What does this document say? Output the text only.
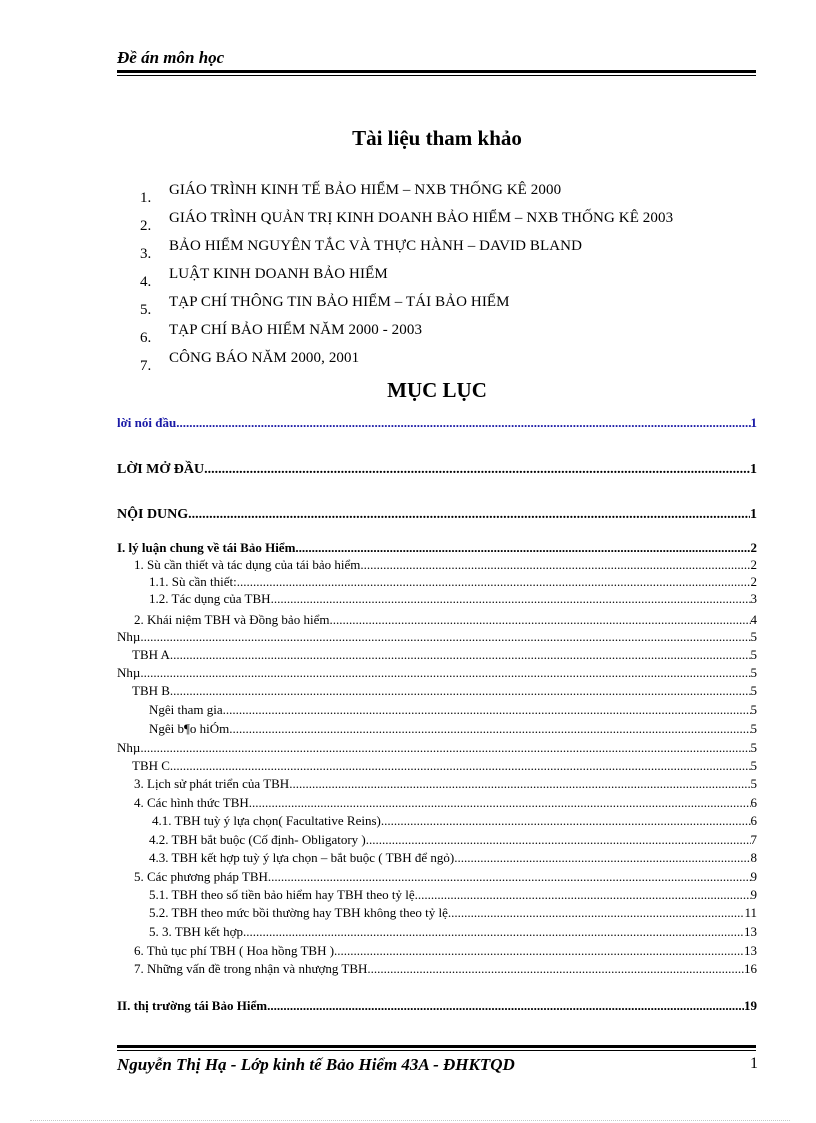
Đề án môn học
Tài liệu tham khảo
1.	GIÁO TRÌNH KINH TẾ BẢO HIỂM – NXB THỐNG KÊ 2000
2.	GIÁO TRÌNH QUẢN TRỊ KINH DOANH BẢO HIỂM – NXB THỐNG KÊ 2003
3.	BẢO HIỂM NGUYÊN TẮC VÀ THỰC HÀNH – DAVID BLAND
4.	LUẬT KINH DOANH BẢO HIỂM
5.	TẠP CHÍ THÔNG TIN BẢO HIỂM – TÁI BẢO HIỂM
6.	TẠP CHÍ BẢO HIỂM NĂM 2000 - 2003
7.	CÔNG BÁO NĂM 2000, 2001
MỤC LỤC
lời nói đầu .....	1
LỜI MỞ ĐẦU .....	1
NỘI DUNG .....	1
I. lý luận chung về tái Bảo Hiểm. .....	2
1. Sù cần thiết và tác dụng của tái bảo hiểm. .....	2
1.1. Sù cần thiết: .....	2
1.2. Tác dụng của TBH .....	3
2. Khái niệm TBH và Đồng bảo hiểm. .....	4
Nhµ .....	5
TBH A .....	5
Nhµ .....	5
TBH B .....	5
Ngêi tham gia .....	5
Ngêi b¶o hiÓm .....	5
Nhµ .....	5
TBH C .....	5
3. Lịch sử phát triển của TBH. .....	5
4. Các hình thức TBH .....	6
4.1. TBH tuỳ ý lựa chọn( Facultative Reins) .....	6
4.2. TBH bắt buộc (Cố định- Obligatory ) .....	7
4.3. TBH kết hợp tuỳ ý lựa chọn – bắt buộc ( TBH để ngỏ) .....	8
5. Các phương pháp TBH. .....	9
5.1. TBH theo số tiền bảo hiểm hay TBH theo tỷ lệ. .....	9
5.2. TBH theo mức bồi thường hay TBH không theo tỷ lệ. .....	11
5. 3. TBH kết hợp .....	13
6. Thủ tục phí TBH ( Hoa hồng TBH ) .....	13
7. Những vấn đề trong nhận và nhượng TBH. .....	16
II. thị trường tái Bảo Hiểm .....	19
Nguyễn Thị Hạ - Lớp kinh tế Bảo Hiểm 43A - ĐHKTQD	1
